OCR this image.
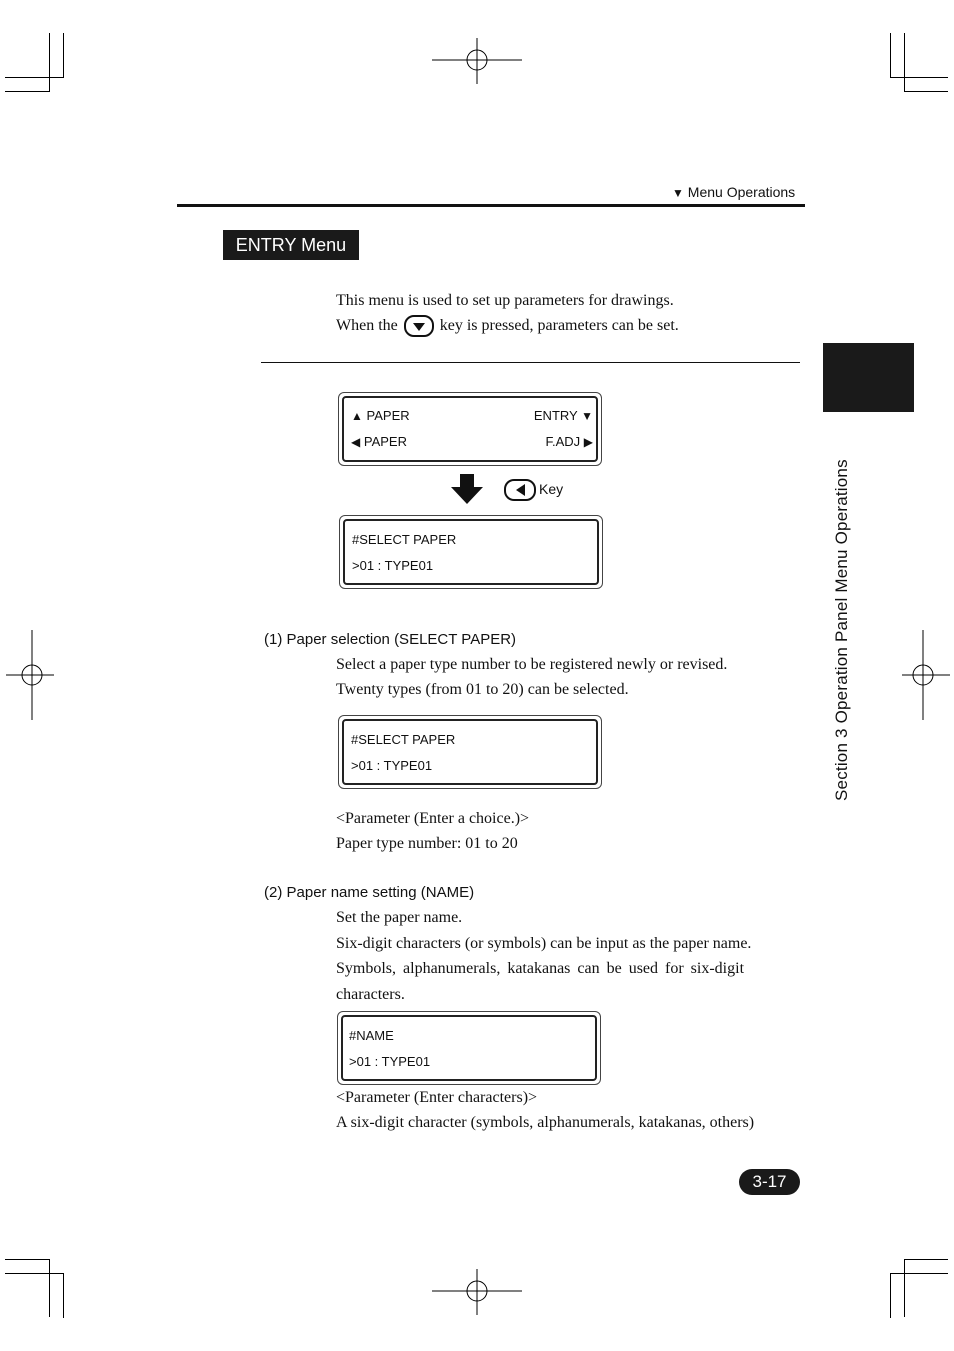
▼ Menu Operations
ENTRY Menu
This menu is used to set up parameters for drawings.
When the	key is pressed, parameters can be set.
▲ PAPER	ENTRY ▼
◀ PAPER	F.ADJ ▶
Key
#SELECT PAPER
>01 : TYPE01
(1) Paper selection (SELECT PAPER)
Select a paper type number to be registered newly or revised.
Twenty types (from 01 to 20) can be selected.
#SELECT PAPER
>01 : TYPE01
<Parameter (Enter a choice.)>
Paper type number: 01 to 20
(2) Paper name setting (NAME)
Set the paper name.
Six-digit characters (or symbols) can be input as the paper name.
Symbols, alphanumerals, katakanas can be used for six-digit
characters.
#NAME
>01 : TYPE01
<Parameter (Enter characters)>
A six-digit character (symbols, alphanumerals, katakanas, others)
Section 3 Operation Panel Menu Operations
3-17
